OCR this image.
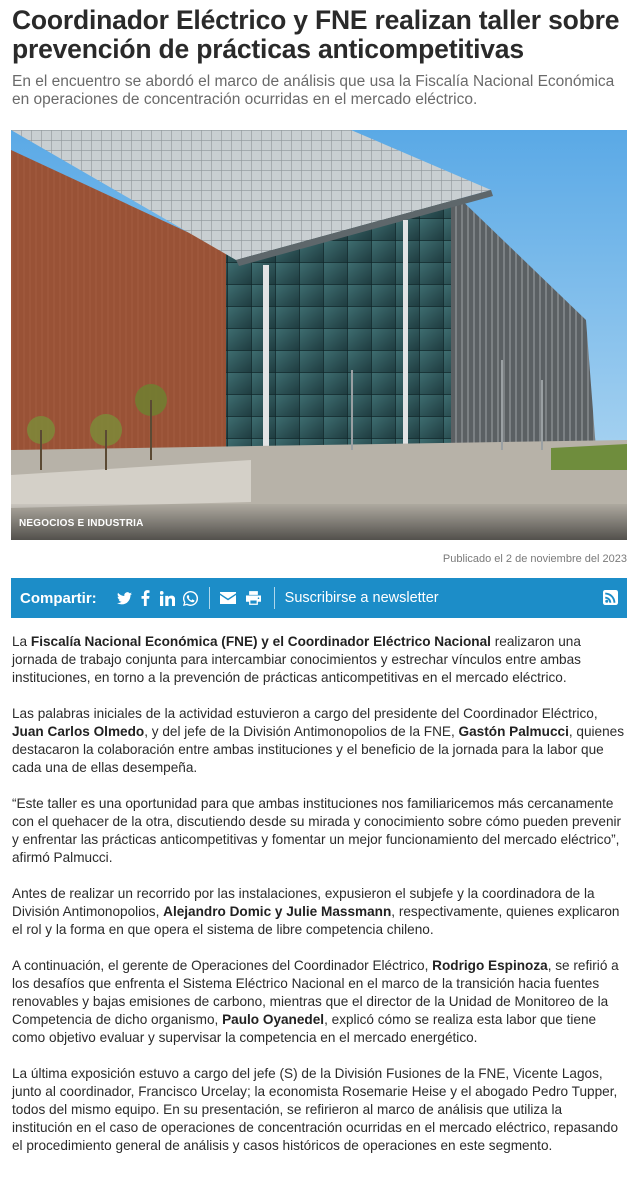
Coordinador Eléctrico y FNE realizan taller sobre prevención de prácticas anticompetitivas

En el encuentro se abordó el marco de análisis que usa la Fiscalía Nacional Económica en operaciones de concentración ocurridas en el mercado eléctrico.

NEGOCIOS E INDUSTRIA
Publicado el 2 de noviembre del 2023
Compartir:	Suscribirse a newsletter

La Fiscalía Nacional Económica (FNE) y el Coordinador Eléctrico Nacional realizaron una jornada de trabajo conjunta para intercambiar conocimientos y estrechar vínculos entre ambas instituciones, en torno a la prevención de prácticas anticompetitivas en el mercado eléctrico.

Las palabras iniciales de la actividad estuvieron a cargo del presidente del Coordinador Eléctrico, Juan Carlos Olmedo, y del jefe de la División Antimonopolios de la FNE, Gastón Palmucci, quienes destacaron la colaboración entre ambas instituciones y el beneficio de la jornada para la labor que cada una de ellas desempeña.

“Este taller es una oportunidad para que ambas instituciones nos familiaricemos más cercanamente con el quehacer de la otra, discutiendo desde su mirada y conocimiento sobre cómo pueden prevenir y enfrentar las prácticas anticompetitivas y fomentar un mejor funcionamiento del mercado eléctrico”, afirmó Palmucci.

Antes de realizar un recorrido por las instalaciones, expusieron el subjefe y la coordinadora de la División Antimonopolios, Alejandro Domic y Julie Massmann, respectivamente, quienes explicaron el rol y la forma en que opera el sistema de libre competencia chileno.

A continuación, el gerente de Operaciones del Coordinador Eléctrico, Rodrigo Espinoza, se refirió a los desafíos que enfrenta el Sistema Eléctrico Nacional en el marco de la transición hacia fuentes renovables y bajas emisiones de carbono, mientras que el director de la Unidad de Monitoreo de la Competencia de dicho organismo, Paulo Oyanedel, explicó cómo se realiza esta labor que tiene como objetivo evaluar y supervisar la competencia en el mercado energético.

La última exposición estuvo a cargo del jefe (S) de la División Fusiones de la FNE, Vicente Lagos, junto al coordinador, Francisco Urcelay; la economista Rosemarie Heise y el abogado Pedro Tupper, todos del mismo equipo. En su presentación, se refirieron al marco de análisis que utiliza la institución en el caso de operaciones de concentración ocurridas en el mercado eléctrico, repasando el procedimiento general de análisis y casos históricos de operaciones en este segmento.
